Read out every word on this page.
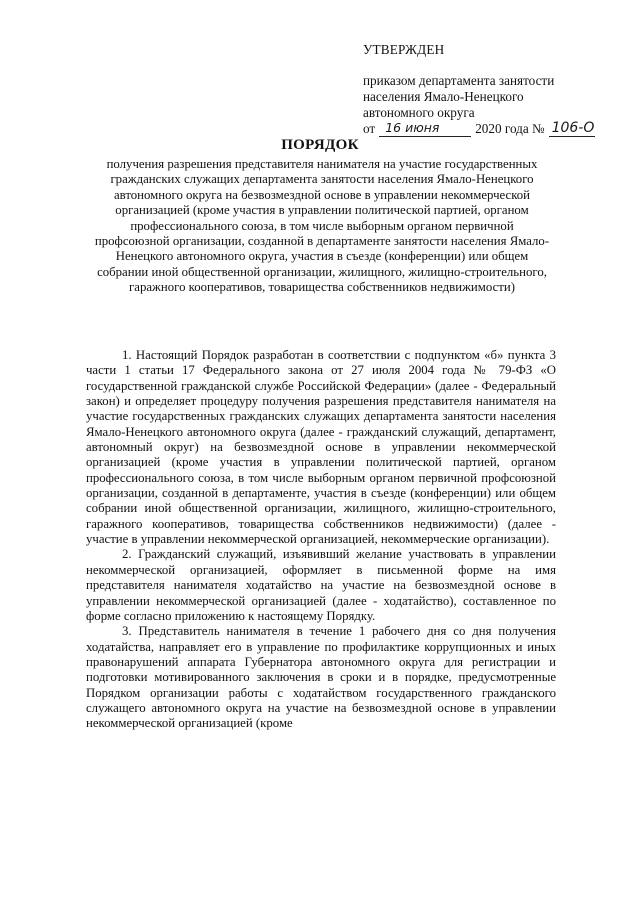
УТВЕРЖДЕН
приказом департамента занятости
населения Ямало-Ненецкого
автономного округа
от 16 июня	2020 года № 106-О
ПОРЯДОК
получения разрешения представителя нанимателя на участие государственных гражданских служащих департамента занятости населения Ямало-Ненецкого автономного округа на безвозмездной основе в управлении некоммерческой организацией (кроме участия в управлении политической партией, органом профессионального союза, в том числе выборным органом первичной профсоюзной организации, созданной в департаменте занятости населения Ямало-Ненецкого автономного округа, участия в съезде (конференции) или общем собрании иной общественной организации, жилищного, жилищно-строительного, гаражного кооперативов, товарищества собственников недвижимости)

1. Настоящий Порядок разработан в соответствии с подпунктом «б» пункта 3 части 1 статьи 17 Федерального закона от 27 июля 2004 года № 79-ФЗ «О государственной гражданской службе Российской Федерации» (далее - Федеральный закон) и определяет процедуру получения разрешения представителя нанимателя на участие государственных гражданских служащих департамента занятости населения Ямало-Ненецкого автономного округа (далее - гражданский служащий, департамент, автономный округ) на безвозмездной основе в управлении некоммерческой организацией (кроме участия в управлении политической партией, органом профессионального союза, в том числе выборным органом первичной профсоюзной организации, созданной в департаменте, участия в съезде (конференции) или общем собрании иной общественной организации, жилищного, жилищно-строительного, гаражного кооперативов, товарищества собственников недвижимости) (далее - участие в управлении некоммерческой организацией, некоммерческие организации).

2. Гражданский служащий, изъявивший желание участвовать в управлении некоммерческой организацией, оформляет в письменной форме на имя представителя нанимателя ходатайство на участие на безвозмездной основе в управлении некоммерческой организацией (далее - ходатайство), составленное по форме согласно приложению к настоящему Порядку.

3. Представитель нанимателя в течение 1 рабочего дня со дня получения ходатайства, направляет его в управление по профилактике коррупционных и иных правонарушений аппарата Губернатора автономного округа для регистрации и подготовки мотивированного заключения в сроки и в порядке, предусмотренные Порядком организации работы с ходатайством государственного гражданского служащего автономного округа на участие на безвозмездной основе в управлении некоммерческой организацией (кроме
